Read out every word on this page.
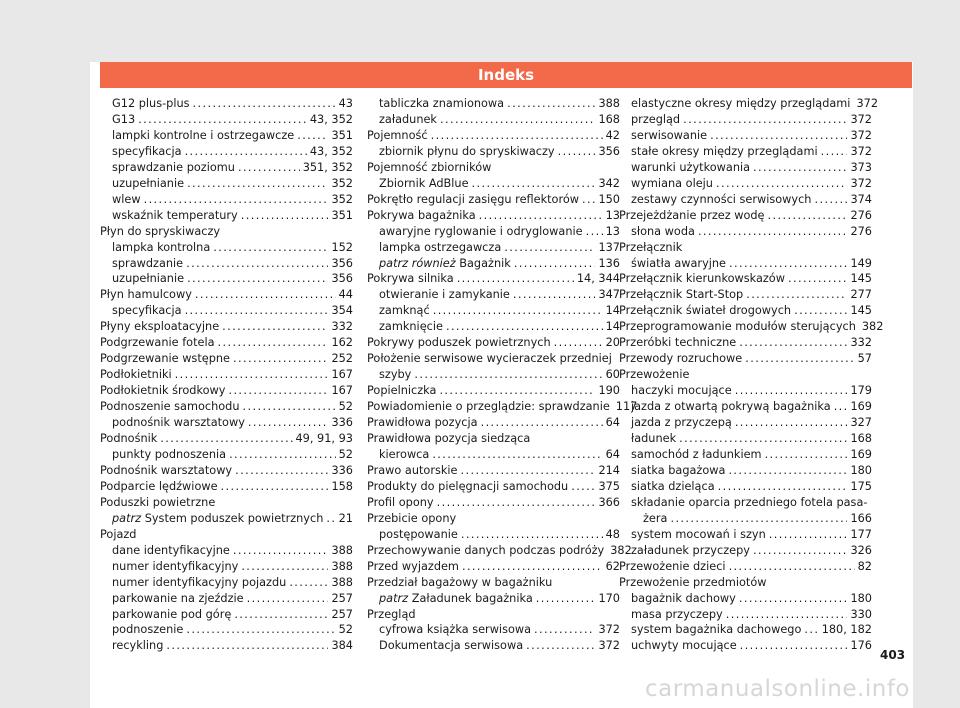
Indeks
G12 plus-plus .....	43
G13 .....	43, 352
lampki kontrolne i ostrzegawcze .....	351
specyfikacja .....	43, 352
sprawdzanie poziomu .....	351, 352
uzupełnianie .....	352
wlew .....	352
wskaźnik temperatury .....	351
Płyn do spryskiwaczy
lampka kontrolna .....	152
sprawdzanie .....	356
uzupełnianie .....	356
Płyn hamulcowy .....	44
specyfikacja .....	354
Płyny eksploatacyjne .....	332
Podgrzewanie fotela .....	162
Podgrzewanie wstępne .....	252
Podłokietniki .....	167
Podłokietnik środkowy .....	167
Podnoszenie samochodu .....	52
podnośnik warsztatowy .....	336
Podnośnik .....	49, 91, 93
punkty podnoszenia .....	52
Podnośnik warsztatowy .....	336
Podparcie lędźwiowe .....	158
Poduszki powietrzne
patrz System poduszek powietrznych ..... 21
Pojazd
dane identyfikacyjne .....	388
numer identyfikacyjny .....	388
numer identyfikacyjny pojazdu .....	388
parkowanie na zjeździe .....	257
parkowanie pod górę .....	257
podnoszenie .....	52
recykling .....	384
tabliczka znamionowa .....	388
załadunek .....	168
Pojemność .....	42
zbiornik płynu do spryskiwaczy .....	356
Pojemność zbiorników
Zbiornik AdBlue .....	342
Pokrętło regulacji zasięgu reflektorów ..... 150
Pokrywa bagażnika .....	13
awaryjne ryglowanie i odryglowanie ..... 13
lampka ostrzegawcza .....	137
patrz również Bagażnik .....	136
Pokrywa silnika .....	14, 344
otwieranie i zamykanie .....	347
zamknąć .....	14
zamknięcie .....	14
Pokrywy poduszek powietrznych .....	20
Położenie serwisowe wycieraczek przedniej
szyby .....	60
Popielniczka .....	190
Powiadomienie o przeglądzie: sprawdzanie 117
Prawidłowa pozycja .....	64
Prawidłowa pozycja siedząca
kierowca .....	64
Prawo autorskie .....	214
Produkty do pielęgnacji samochodu .....	375
Profil opony .....	366
Przebicie opony
postępowanie .....	48
Przechowywanie danych podczas podróży 382
Przed wyjazdem .....	62
Przedział bagażowy w bagażniku
patrz Załadunek bagażnika .....	170
Przegląd
cyfrowa książka serwisowa .....	372
Dokumentacja serwisowa .....	372
elastyczne okresy między przeglądami 372
przegląd .....	372
serwisowanie .....	372
stałe okresy między przeglądami .....	372
warunki użytkowania .....	373
wymiana oleju .....	372
zestawy czynności serwisowych .....	374
Przejeżdżanie przez wodę .....	276
słona woda .....	276
Przełącznik
światła awaryjne .....	149
Przełącznik kierunkowskazów .....	145
Przełącznik Start-Stop .....	277
Przełącznik świateł drogowych .....	145
Przeprogramowanie modułów sterujących 382
Przeróbki techniczne .....	332
Przewody rozruchowe .....	57
Przewożenie
haczyki mocujące .....	179
jazda z otwartą pokrywą bagażnika ..... 169
jazda z przyczepą .....	327
ładunek .....	168
samochód z ładunkiem .....	169
siatka bagażowa .....	180
siatka dzieląca .....	175
składanie oparcia przedniego fotela pasa-
żera .....	166
system mocowań i szyn .....	177
załadunek przyczepy .....	326
Przewożenie dzieci .....	82
Przewożenie przedmiotów
bagażnik dachowy .....	180
masa przyczepy .....	330
system bagażnika dachowego ..... 180, 182
uchwyty mocujące .....	176
403
carmanualsonline.info
